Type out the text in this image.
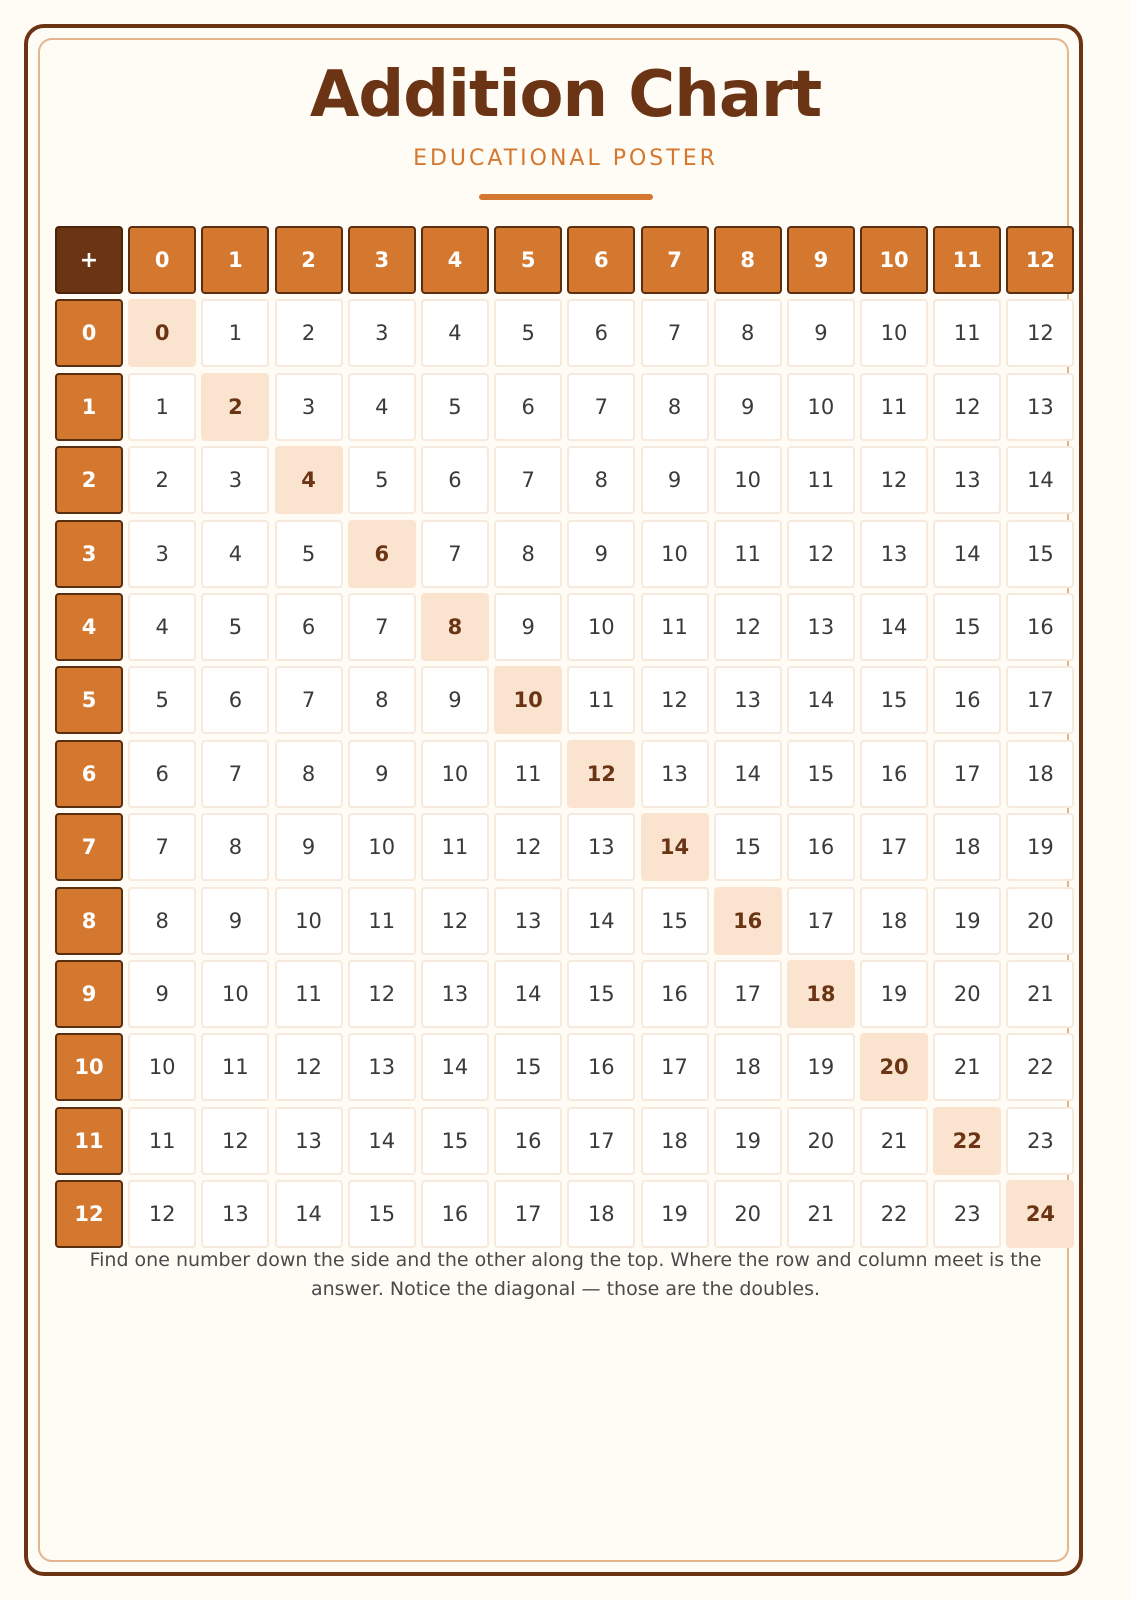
Addition Chart
EDUCATIONAL POSTER
+	0	1	2	3	4	5	6	7	8	9	10	11	12
0	0	1	2	3	4	5	6	7	8	9	10	11	12
1	1	2	3	4	5	6	7	8	9	10	11	12	13
2	2	3	4	5	6	7	8	9	10	11	12	13	14
3	3	4	5	6	7	8	9	10	11	12	13	14	15
4	4	5	6	7	8	9	10	11	12	13	14	15	16
5	5	6	7	8	9	10	11	12	13	14	15	16	17
6	6	7	8	9	10	11	12	13	14	15	16	17	18
7	7	8	9	10	11	12	13	14	15	16	17	18	19
8	8	9	10	11	12	13	14	15	16	17	18	19	20
9	9	10	11	12	13	14	15	16	17	18	19	20	21
10	10	11	12	13	14	15	16	17	18	19	20	21	22
11	11	12	13	14	15	16	17	18	19	20	21	22	23
12	12	13	14	15	16	17	18	19	20	21	22	23	24
Find one number down the side and the other along the top. Where the row and column meet is the answer. Notice the diagonal — those are the doubles.
